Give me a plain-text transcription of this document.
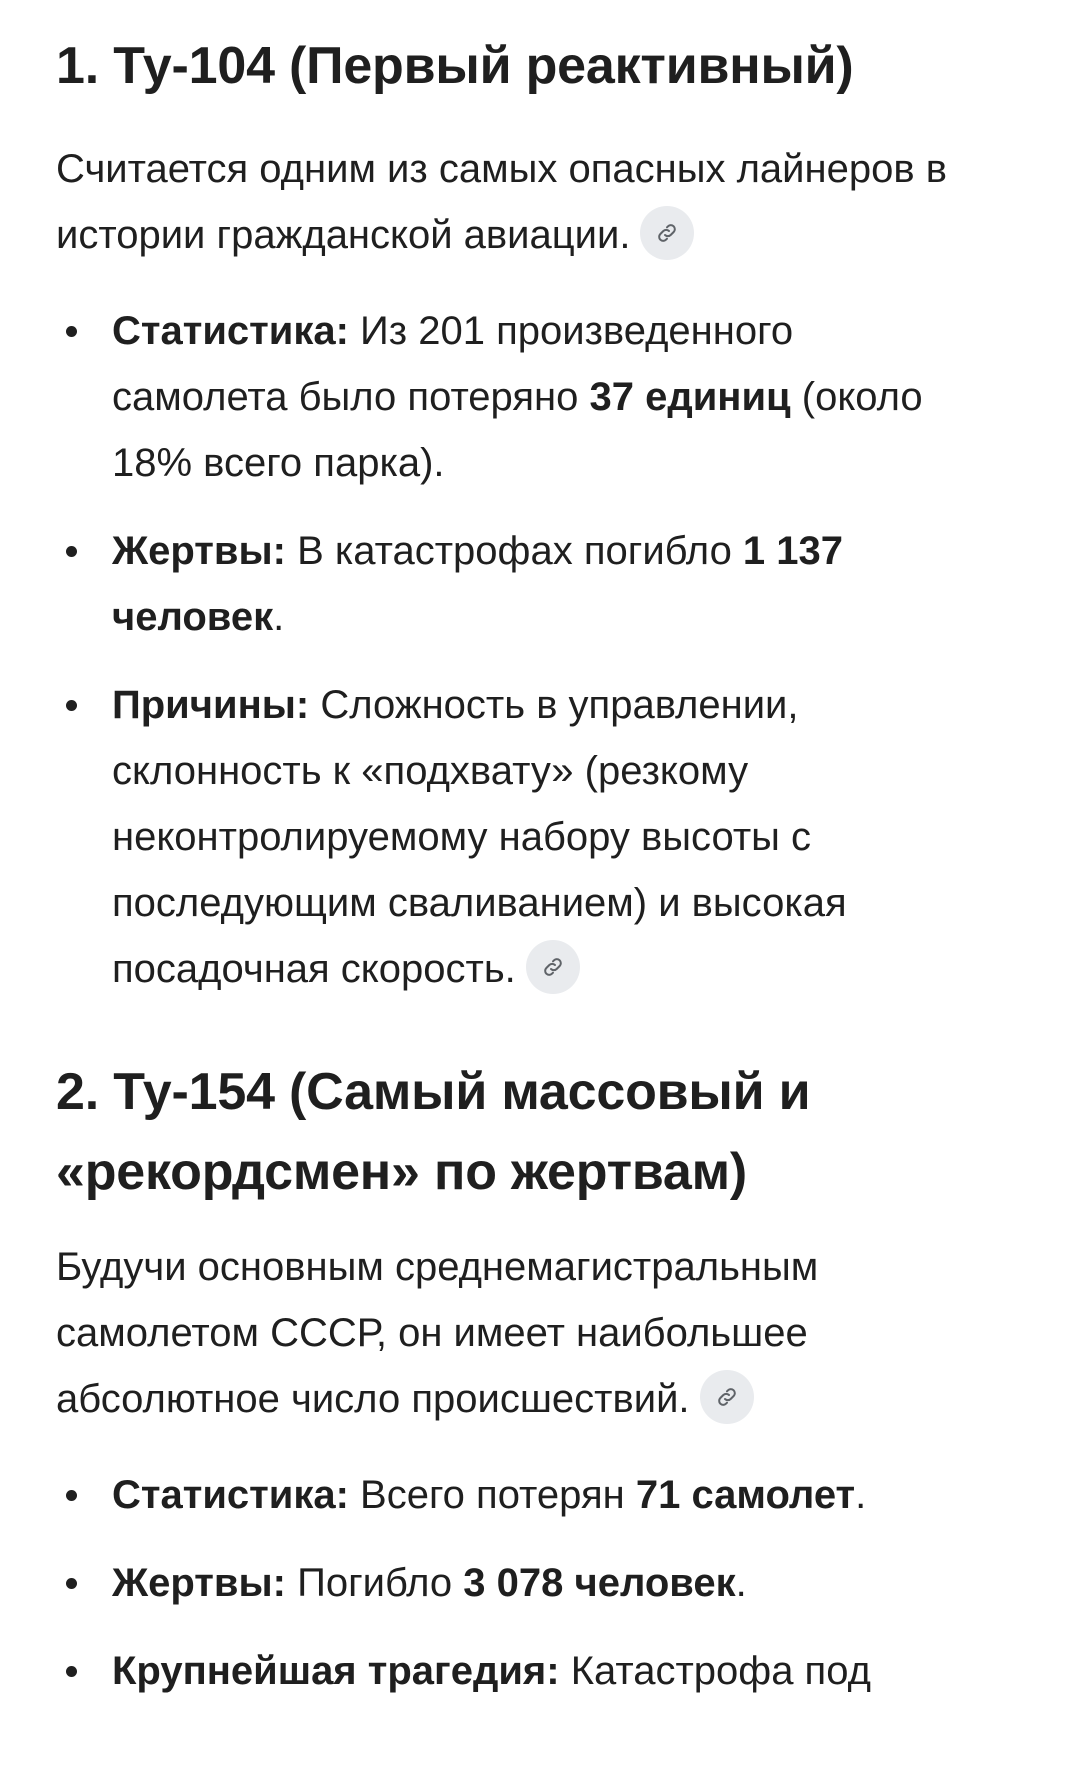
1. Ту-104 (Первый реактивный)

Считается одним из самых опасных лайнеров в истории гражданской авиации.

Статистика: Из 201 произведенного самолета было потеряно 37 единиц (около 18% всего парка).
Жертвы: В катастрофах погибло 1 137 человек.
Причины: Сложность в управлении, склонность к «подхвату» (резкому неконтролируемому набору высоты с последующим сваливанием) и высокая посадочная скорость.
2. Ту-154 (Самый массовый и
«рекордсмен» по жертвам)

Будучи основным среднемагистральным самолетом СССР, он имеет наибольшее абсолютное число происшествий.

Статистика: Всего потерян 71 самолет.
Жертвы: Погибло 3 078 человек.
Крупнейшая трагедия: Катастрофа под
